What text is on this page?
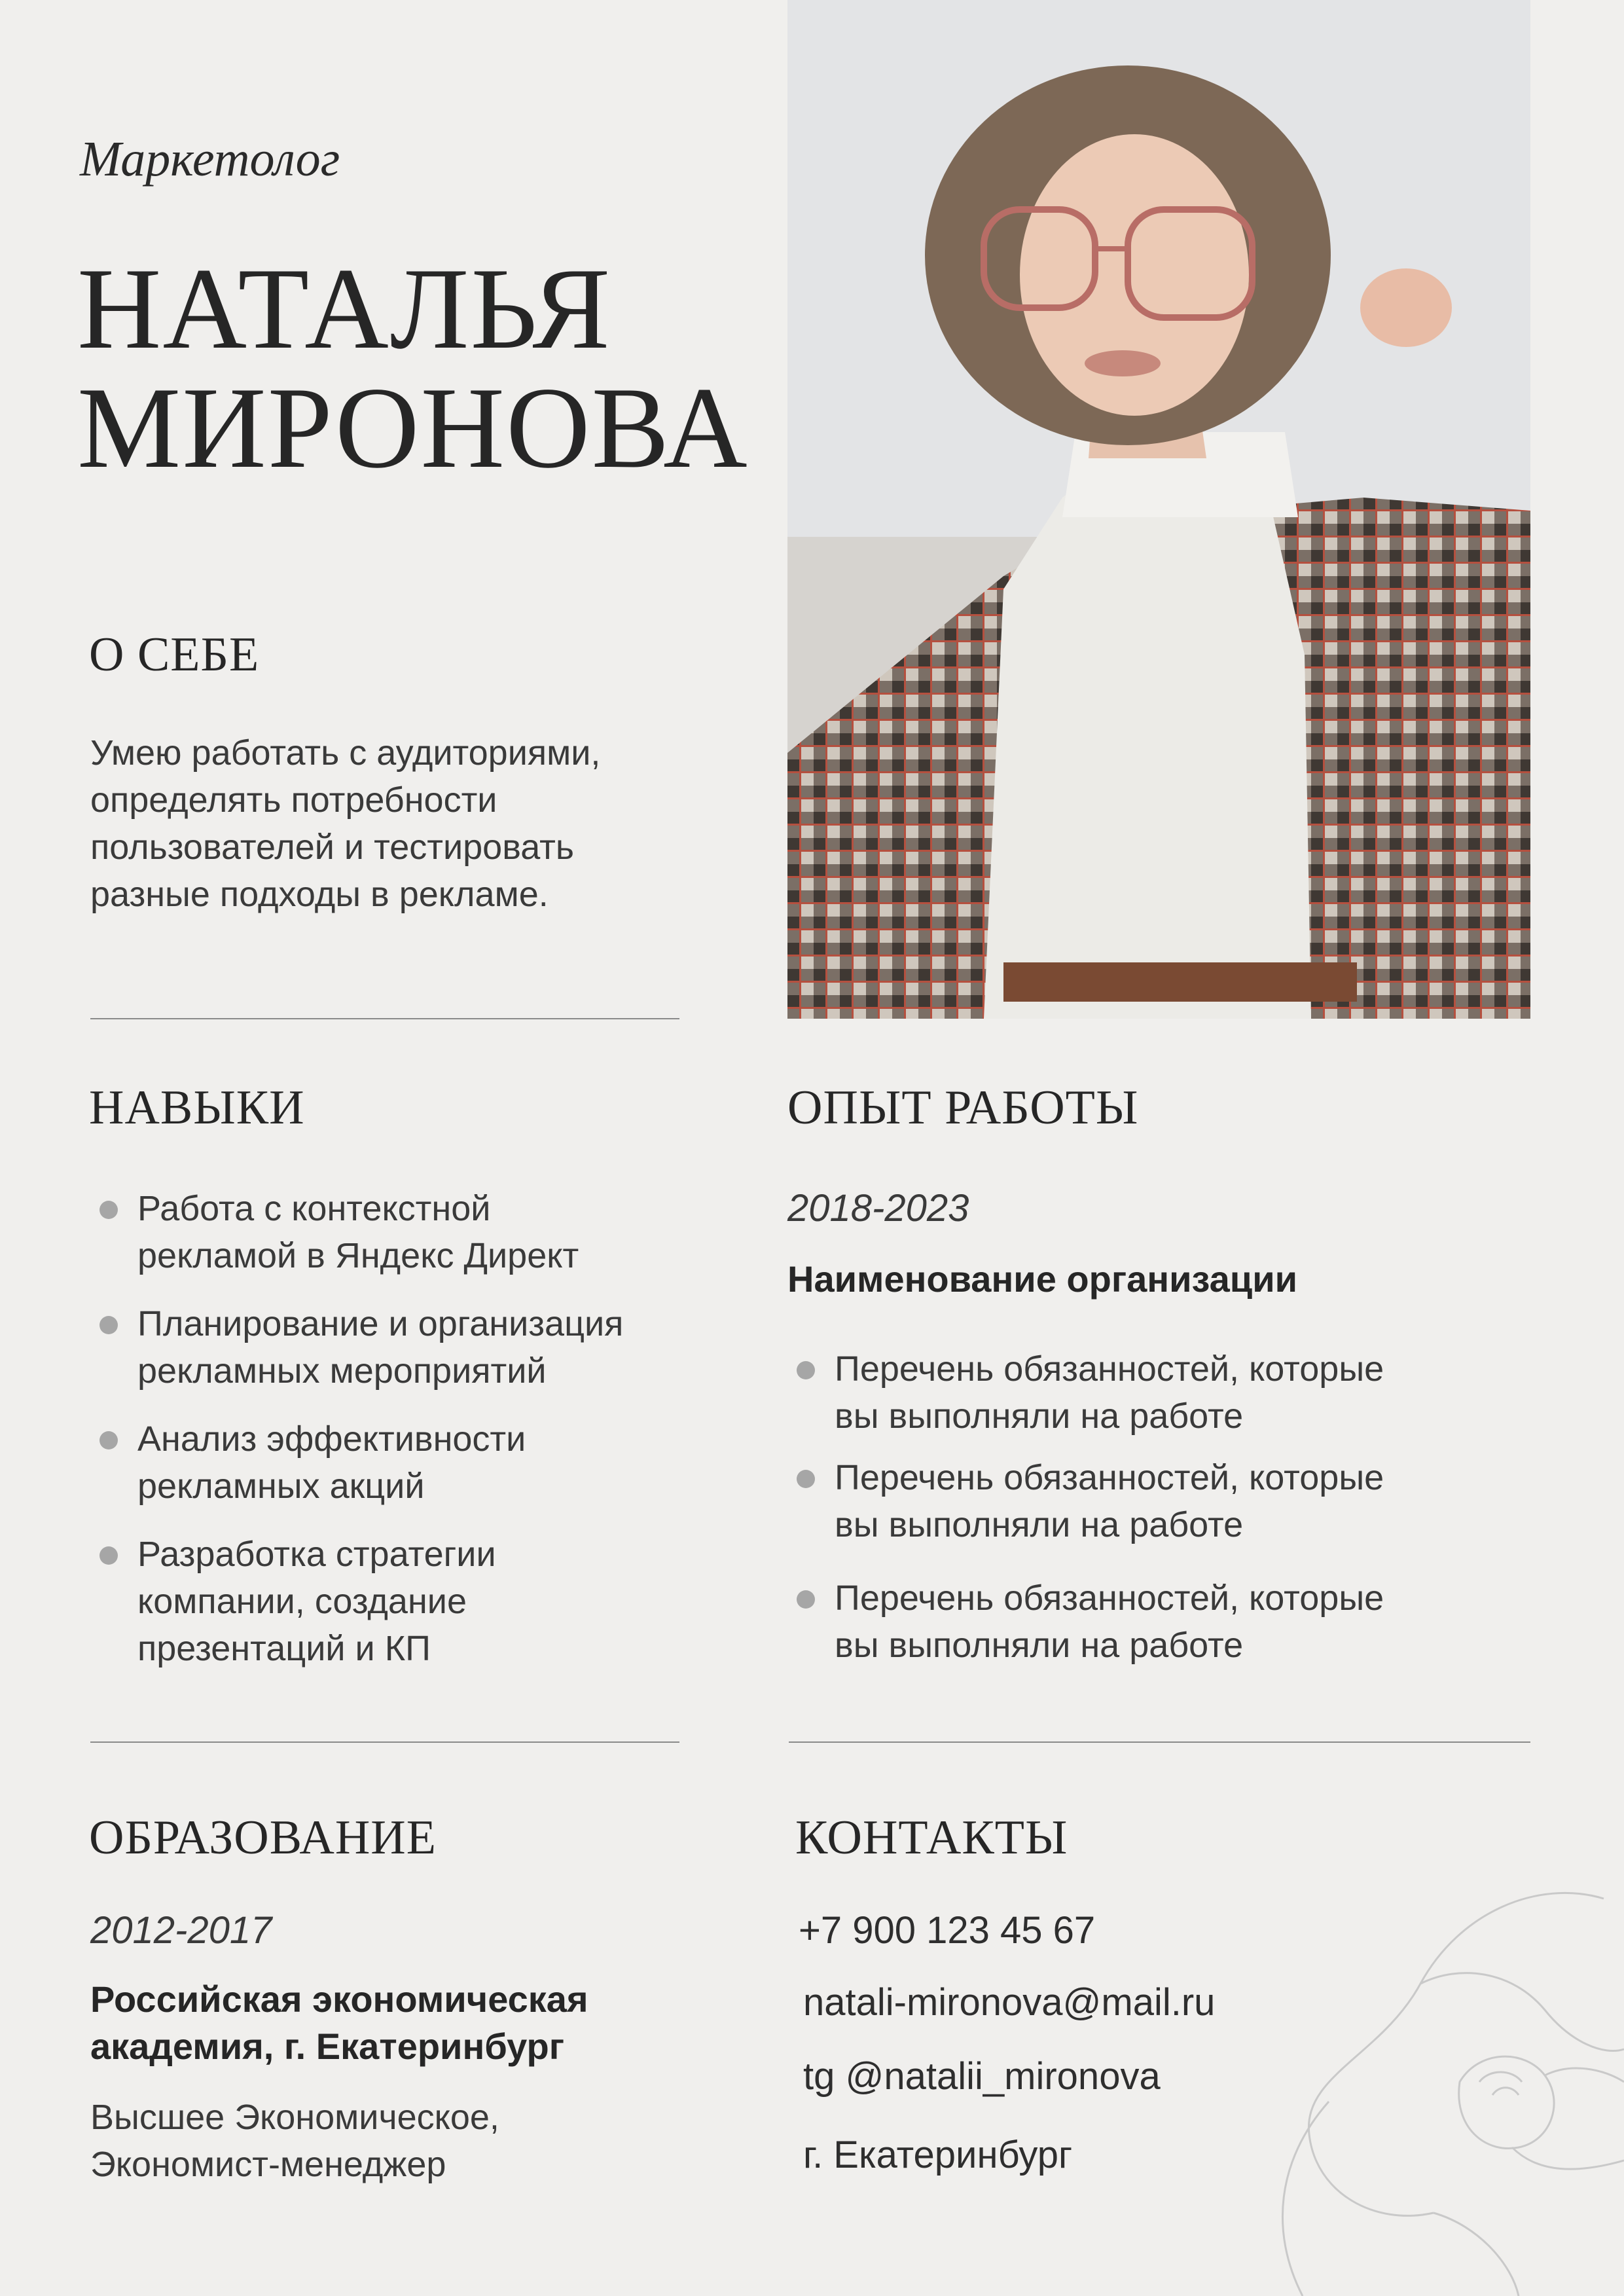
Маркетолог
НАТАЛЬЯ
МИРОНОВА
О СЕБЕ
Умею работать с аудиториями,
определять потребности
пользователей и тестировать
разные подходы в рекламе.
НАВЫКИ
Работа с контекстной
рекламой в Яндекс Директ
Планирование и организация
рекламных мероприятий
Анализ эффективности
рекламных акций
Разработка стратегии
компании, создание
презентаций и КП
ОПЫТ РАБОТЫ
2018-2023
Наименование организации
Перечень обязанностей, которые
вы выполняли на работе
Перечень обязанностей, которые
вы выполняли на работе
Перечень обязанностей, которые
вы выполняли на работе
ОБРАЗОВАНИЕ
2012-2017
Российская экономическая
академия, г. Екатеринбург
Высшее Экономическое,
Экономист-менеджер
КОНТАКТЫ
+7 900 123 45 67
natali-mironova@mail.ru
tg @natalii_mironova
г. Екатеринбург
